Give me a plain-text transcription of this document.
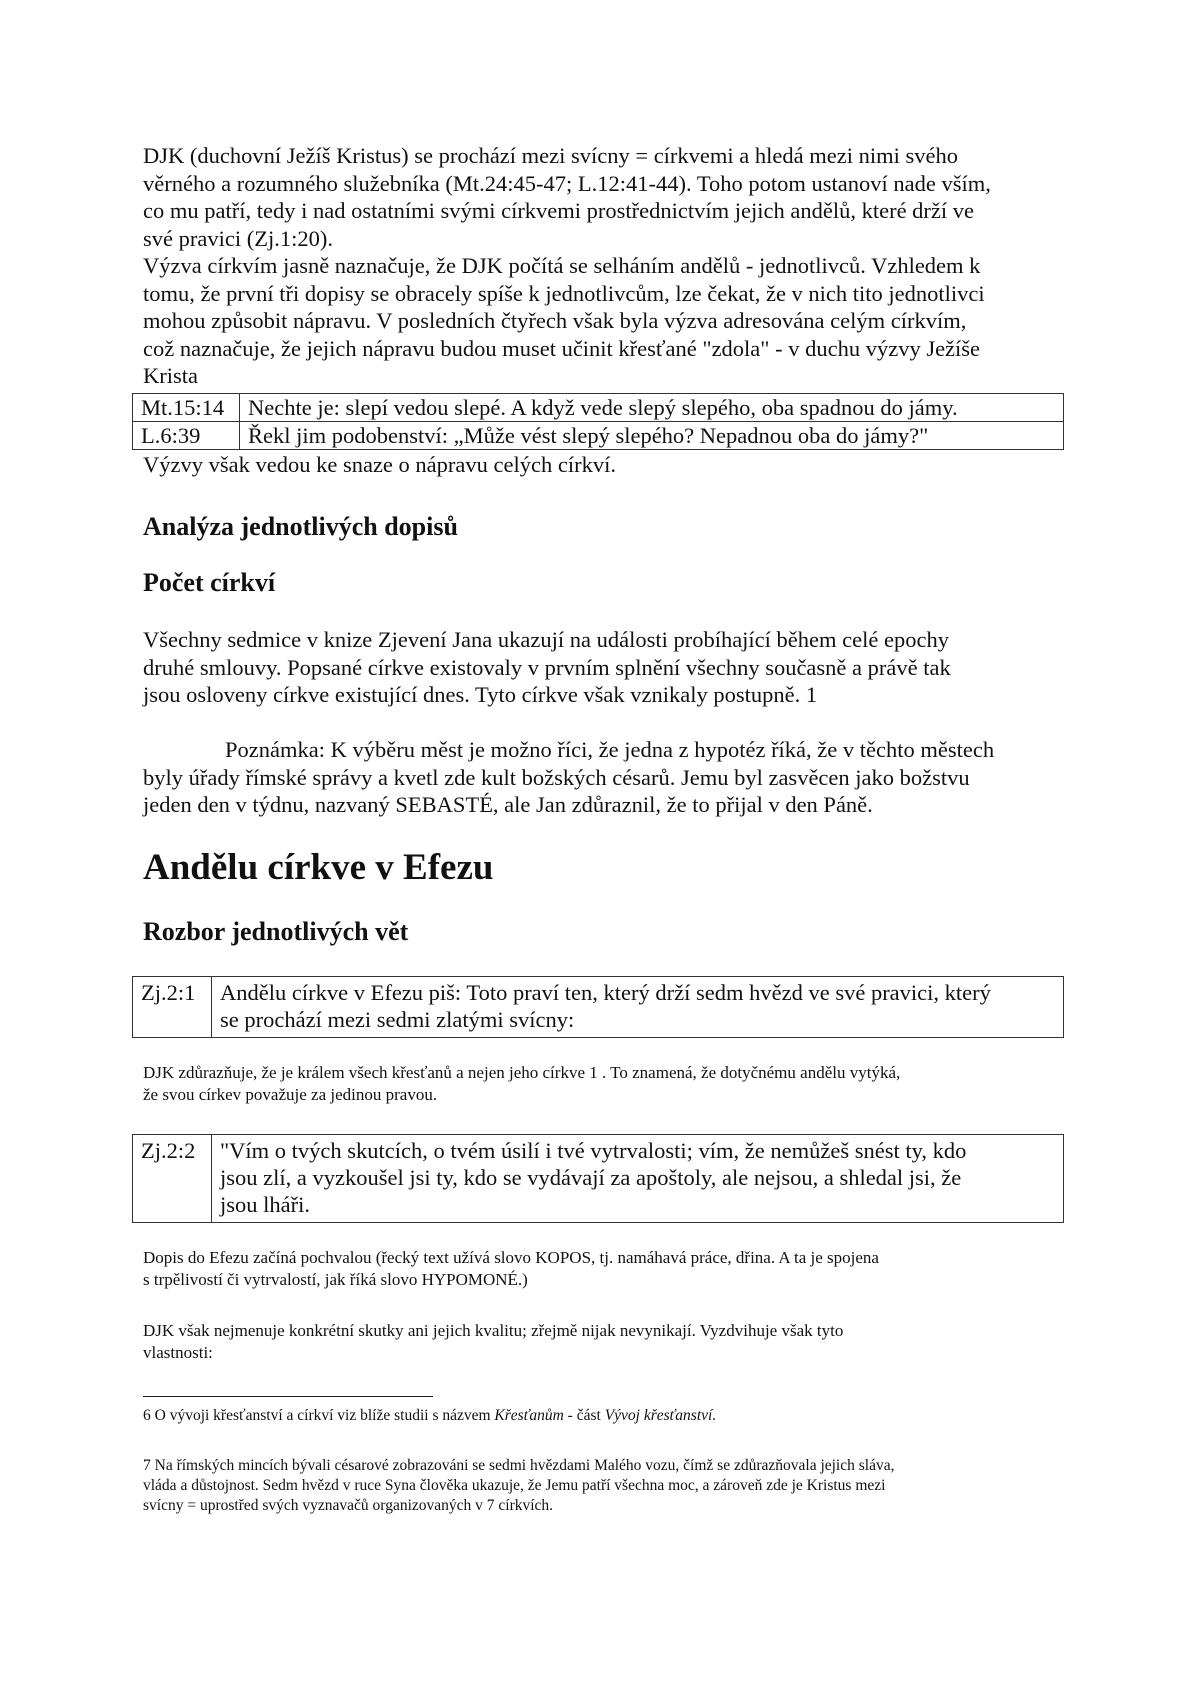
DJK (duchovní Ježíš Kristus) se prochází mezi svícny = církvemi a hledá mezi nimi svého
věrného a rozumného služebníka (Mt.24:45-47; L.12:41-44). Toho potom ustanoví nade vším,
co mu patří, tedy i nad ostatními svými církvemi prostřednictvím jejich andělů, které drží ve
své pravici (Zj.1:20).
Výzva církvím jasně naznačuje, že DJK počítá se selháním andělů - jednotlivců. Vzhledem k
tomu, že první tři dopisy se obracely spíše k jednotlivcům, lze čekat, že v nich tito jednotlivci
mohou způsobit nápravu. V posledních čtyřech však byla výzva adresována celým církvím,
což naznačuje, že jejich nápravu budou muset učinit křesťané "zdola" - v duchu výzvy Ježíše
Krista

Mt.15:14	Nechte je: slepí vedou slepé. A když vede slepý slepého, oba spadnou do jámy.
L.6:39	Řekl jim podobenství: „Může vést slepý slepého? Nepadnou oba do jámy?"

Výzvy však vedou ke snaze o nápravu celých církví.

Analýza jednotlivých dopisů
Počet církví

Všechny sedmice v knize Zjevení Jana ukazují na události probíhající během celé epochy
druhé smlouvy. Popsané církve existovaly v prvním splnění všechny současně a právě tak
jsou osloveny církve existující dnes. Tyto církve však vznikaly postupně. 1

Poznámka: K výběru měst je možno říci, že jedna z hypotéz říká, že v těchto městech
byly úřady římské správy a kvetl zde kult božských césarů. Jemu byl zasvěcen jako božstvu
jeden den v týdnu, nazvaný SEBASTÉ, ale Jan zdůraznil, že to přijal v den Páně.

Andělu církve v Efezu
Rozbor jednotlivých vět
Zj.2:1	Andělu církve v Efezu piš: Toto praví ten, který drží sedm hvězd ve své pravici, který
se prochází mezi sedmi zlatými svícny:

DJK zdůrazňuje, že je králem všech křesťanů a nejen jeho církve 1 . To znamená, že dotyčnému andělu vytýká,
že svou církev považuje za jedinou pravou.

Zj.2:2	"Vím o tvých skutcích, o tvém úsilí i tvé vytrvalosti; vím, že nemůžeš snést ty, kdo
jsou zlí, a vyzkoušel jsi ty, kdo se vydávají za apoštoly, ale nejsou, a shledal jsi, že
jsou lháři.

Dopis do Efezu začíná pochvalou (řecký text užívá slovo KOPOS, tj. namáhavá práce, dřina. A ta je spojena
s trpělivostí či vytrvalostí, jak říká slovo HYPOMONÉ.)

DJK však nejmenuje konkrétní skutky ani jejich kvalitu; zřejmě nijak nevynikají. Vyzdvihuje však tyto
vlastnosti:

6 O vývoji křesťanství a církví viz blíže studii s názvem Křesťanům - část Vývoj křesťanství.

7 Na římských mincích bývali césarové zobrazováni se sedmi hvězdami Malého vozu, čímž se zdůrazňovala jejich sláva,
vláda a důstojnost. Sedm hvězd v ruce Syna člověka ukazuje, že Jemu patří všechna moc, a zároveň zde je Kristus mezi
svícny = uprostřed svých vyznavačů organizovaných v 7 církvích.
